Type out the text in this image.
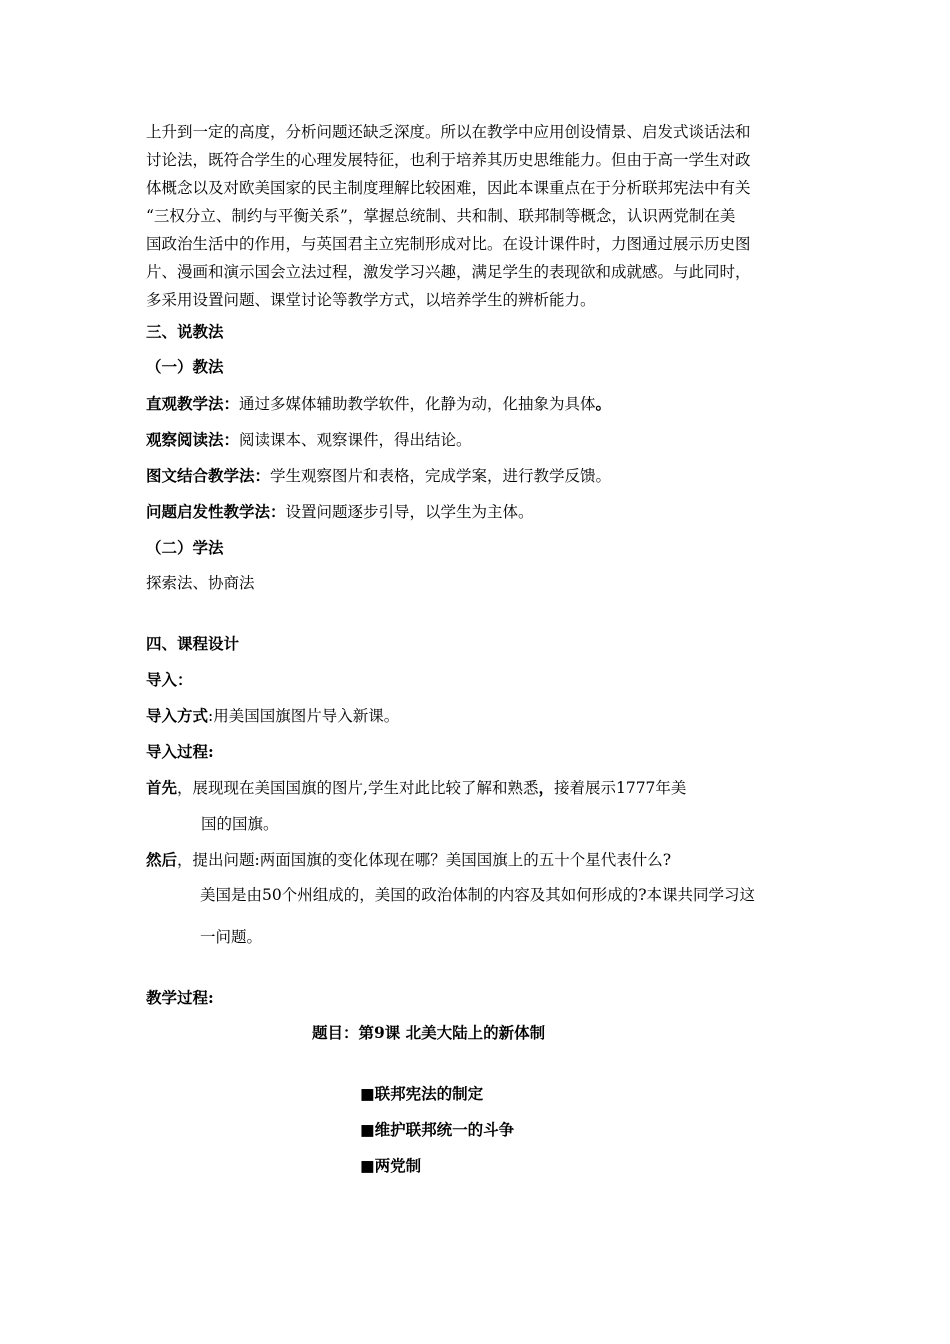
上升到一定的高度，分析问题还缺乏深度。所以在教学中应用创设情景、启发式谈话法和
讨论法，既符合学生的心理发展特征，也利于培养其历史思维能力。但由于高一学生对政
体概念以及对欧美国家的民主制度理解比较困难，因此本课重点在于分析联邦宪法中有关
“三权分立、制约与平衡关系”，掌握总统制、共和制、联邦制等概念，认识两党制在美
国政治生活中的作用，与英国君主立宪制形成对比。在设计课件时，力图通过展示历史图
片、漫画和演示国会立法过程，激发学习兴趣，满足学生的表现欲和成就感。与此同时，
多采用设置问题、课堂讨论等教学方式，以培养学生的辨析能力。
三、说教法
（一）教法
直观教学法：通过多媒体辅助教学软件，化静为动，化抽象为具体。
观察阅读法：阅读课本、观察课件，得出结论。
图文结合教学法：学生观察图片和表格，完成学案，进行教学反馈。
问题启发性教学法：设置问题逐步引导，以学生为主体。
（二）学法
探索法、协商法
四、课程设计
导入：
导入方式:用美国国旗图片导入新课。
导入过程:
首先，展现现在美国国旗的图片,学生对此比较了解和熟悉，接着展示1777年美
国的国旗。
然后，提出问题:两面国旗的变化体现在哪？美国国旗上的五十个星代表什么?
美国是由50个州组成的，美国的政治体制的内容及其如何形成的?本课共同学习这
一问题。
教学过程:
题目：第9课 北美大陆上的新体制
■联邦宪法的制定
■维护联邦统一的斗争
■两党制
